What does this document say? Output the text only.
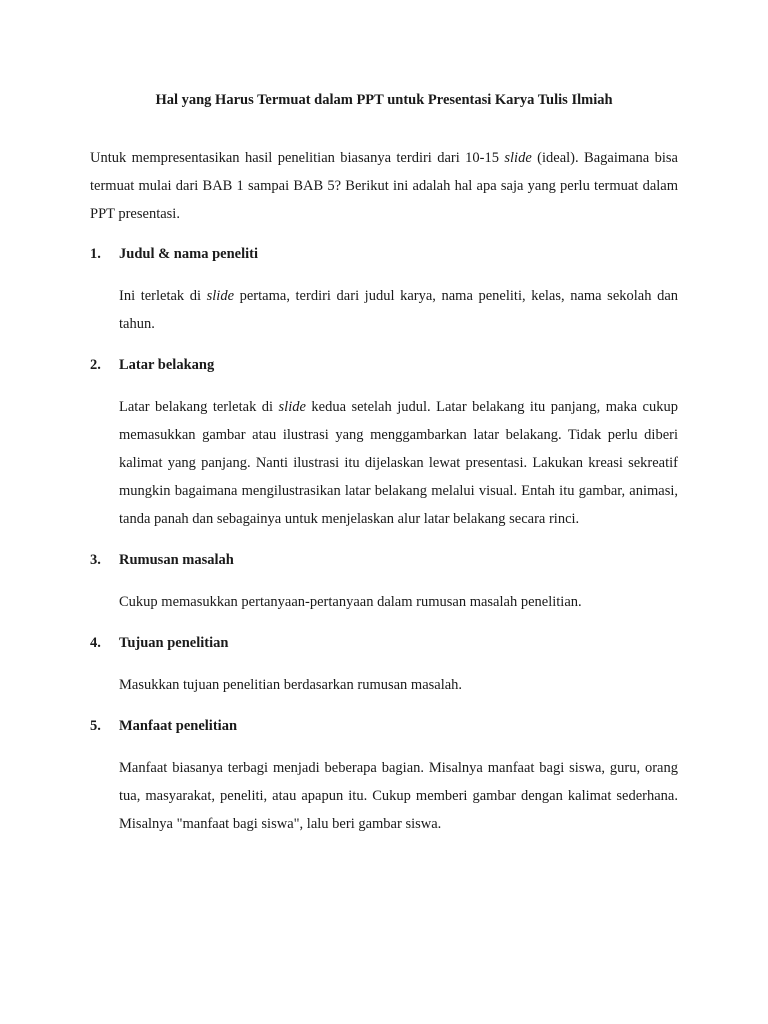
Hal yang Harus Termuat dalam PPT untuk Presentasi Karya Tulis Ilmiah

Untuk mempresentasikan hasil penelitian biasanya terdiri dari 10-15 slide (ideal). Bagaimana bisa termuat mulai dari BAB 1 sampai BAB 5? Berikut ini adalah hal apa saja yang perlu termuat dalam PPT presentasi.

1.	Judul & nama peneliti

Ini terletak di slide pertama, terdiri dari judul karya, nama peneliti, kelas, nama sekolah dan tahun.

2.	Latar belakang

Latar belakang terletak di slide kedua setelah judul. Latar belakang itu panjang, maka cukup memasukkan gambar atau ilustrasi yang menggambarkan latar belakang. Tidak perlu diberi kalimat yang panjang. Nanti ilustrasi itu dijelaskan lewat presentasi. Lakukan kreasi sekreatif mungkin bagaimana mengilustrasikan latar belakang melalui visual. Entah itu gambar, animasi, tanda panah dan sebagainya untuk menjelaskan alur latar belakang secara rinci.

3.	Rumusan masalah

Cukup memasukkan pertanyaan-pertanyaan dalam rumusan masalah penelitian.

4.	Tujuan penelitian

Masukkan tujuan penelitian berdasarkan rumusan masalah.

5.	Manfaat penelitian

Manfaat biasanya terbagi menjadi beberapa bagian. Misalnya manfaat bagi siswa, guru, orang tua, masyarakat, peneliti, atau apapun itu. Cukup memberi gambar dengan kalimat sederhana. Misalnya "manfaat bagi siswa", lalu beri gambar siswa.
